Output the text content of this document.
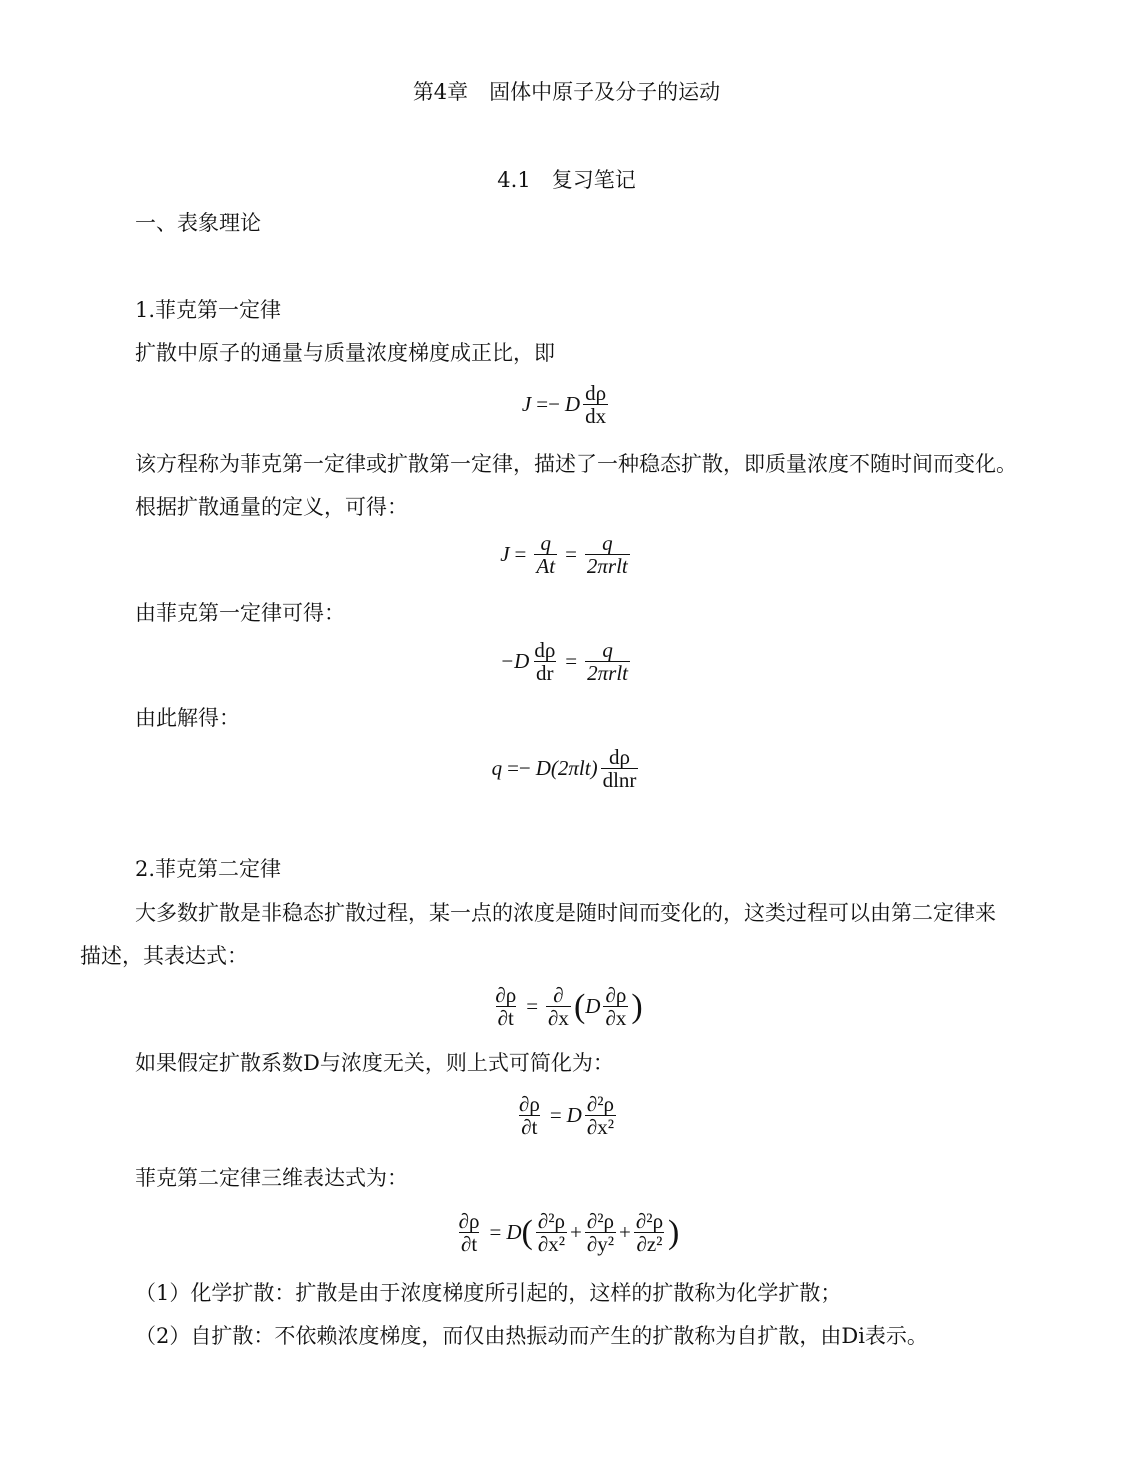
第4章　固体中原子及分子的运动
4.1　复习笔记
一、表象理论
1.菲克第一定律
扩散中原子的通量与质量浓度梯度成正比，即
J =− D $\frac{d\rho}{dx}$
该方程称为菲克第一定律或扩散第一定律，描述了一种稳态扩散，即质量浓度不随时间而变化。
根据扩散通量的定义，可得：
$J = \frac{q}{At} = \frac{q}{\text{2πrlt}}$
由菲克第一定律可得：
$-D \frac{d\rho}{dr} = \frac{q}{\text{2πrlt}}$
由此解得：
$q =- D(2\pi lt) \frac{d\rho}{dlnr}$
2.菲克第二定律
大多数扩散是非稳态扩散过程，某一点的浓度是随时间而变化的，这类过程可以由第二定律来
描述，其表达式：
$\frac{\partial\rho}{\partial t} = \frac{\partial}{\partial x}$ ( D $\frac{\partial\rho}{\partial x}$ )
如果假定扩散系数D与浓度无关，则上式可简化为：
$\frac{\partial\rho}{\partial t} = D \frac{\text{∂²ρ}}{\text{∂x²}}$
菲克第二定律三维表达式为：
$\frac{\partial\rho}{\partial t} = D$ ( $\frac{\text{∂²ρ}}{\text{∂x²}} + \frac{\text{∂²ρ}}{\text{∂y²}} + \frac{\text{∂²ρ}}{\text{∂z²}}$ )
（1）化学扩散：扩散是由于浓度梯度所引起的，这样的扩散称为化学扩散；
（2）自扩散：不依赖浓度梯度，而仅由热振动而产生的扩散称为自扩散，由Di表示。
